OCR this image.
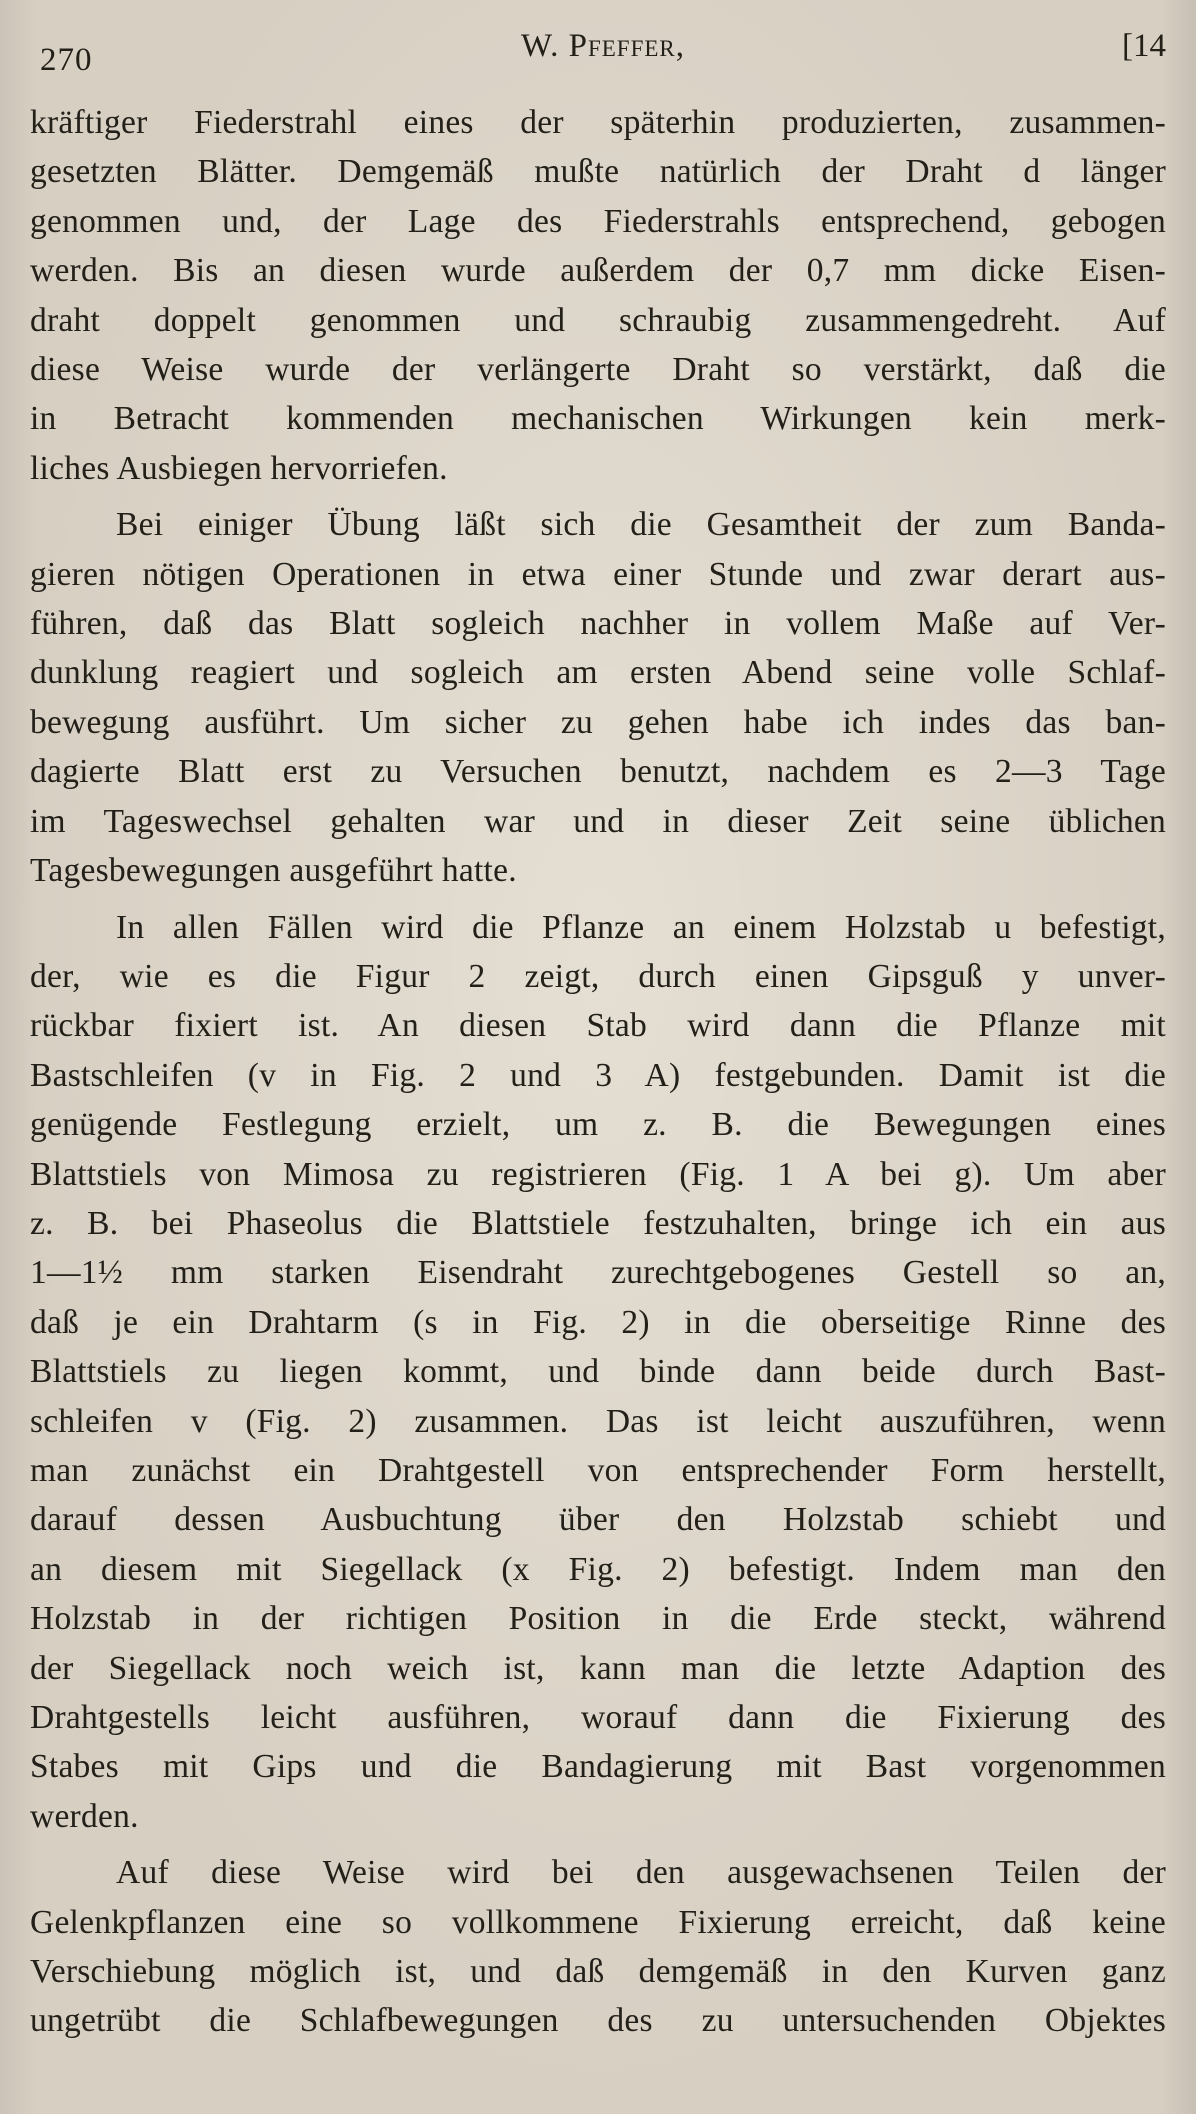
270	W. Pfeffer,	[14
kräftiger Fiederstrahl eines der späterhin produzierten, zusammen-
gesetzten Blätter. Demgemäß mußte natürlich der Draht d länger
genommen und, der Lage des Fiederstrahls entsprechend, gebogen
werden. Bis an diesen wurde außerdem der 0,7 mm dicke Eisen-
draht doppelt genommen und schraubig zusammengedreht. Auf
diese Weise wurde der verlängerte Draht so verstärkt, daß die
in Betracht kommenden mechanischen Wirkungen kein merk-
liches Ausbiegen hervorriefen.
Bei einiger Übung läßt sich die Gesamtheit der zum Banda-
gieren nötigen Operationen in etwa einer Stunde und zwar derart aus-
führen, daß das Blatt sogleich nachher in vollem Maße auf Ver-
dunklung reagiert und sogleich am ersten Abend seine volle Schlaf-
bewegung ausführt. Um sicher zu gehen habe ich indes das ban-
dagierte Blatt erst zu Versuchen benutzt, nachdem es 2—3 Tage
im Tageswechsel gehalten war und in dieser Zeit seine üblichen
Tagesbewegungen ausgeführt hatte.
In allen Fällen wird die Pflanze an einem Holzstab u befestigt,
der, wie es die Figur 2 zeigt, durch einen Gipsguß y unver-
rückbar fixiert ist. An diesen Stab wird dann die Pflanze mit
Bastschleifen (v in Fig. 2 und 3 A) festgebunden. Damit ist die
genügende Festlegung erzielt, um z. B. die Bewegungen eines
Blattstiels von Mimosa zu registrieren (Fig. 1 A bei g). Um aber
z. B. bei Phaseolus die Blattstiele festzuhalten, bringe ich ein aus
1—1½ mm starken Eisendraht zurechtgebogenes Gestell so an,
daß je ein Drahtarm (s in Fig. 2) in die oberseitige Rinne des
Blattstiels zu liegen kommt, und binde dann beide durch Bast-
schleifen v (Fig. 2) zusammen. Das ist leicht auszuführen, wenn
man zunächst ein Drahtgestell von entsprechender Form herstellt,
darauf dessen Ausbuchtung über den Holzstab schiebt und
an diesem mit Siegellack (x Fig. 2) befestigt. Indem man den
Holzstab in der richtigen Position in die Erde steckt, während
der Siegellack noch weich ist, kann man die letzte Adaption des
Drahtgestells leicht ausführen, worauf dann die Fixierung des
Stabes mit Gips und die Bandagierung mit Bast vorgenommen
werden.
Auf diese Weise wird bei den ausgewachsenen Teilen der
Gelenkpflanzen eine so vollkommene Fixierung erreicht, daß keine
Verschiebung möglich ist, und daß demgemäß in den Kurven ganz
ungetrübt die Schlafbewegungen des zu untersuchenden Objektes
